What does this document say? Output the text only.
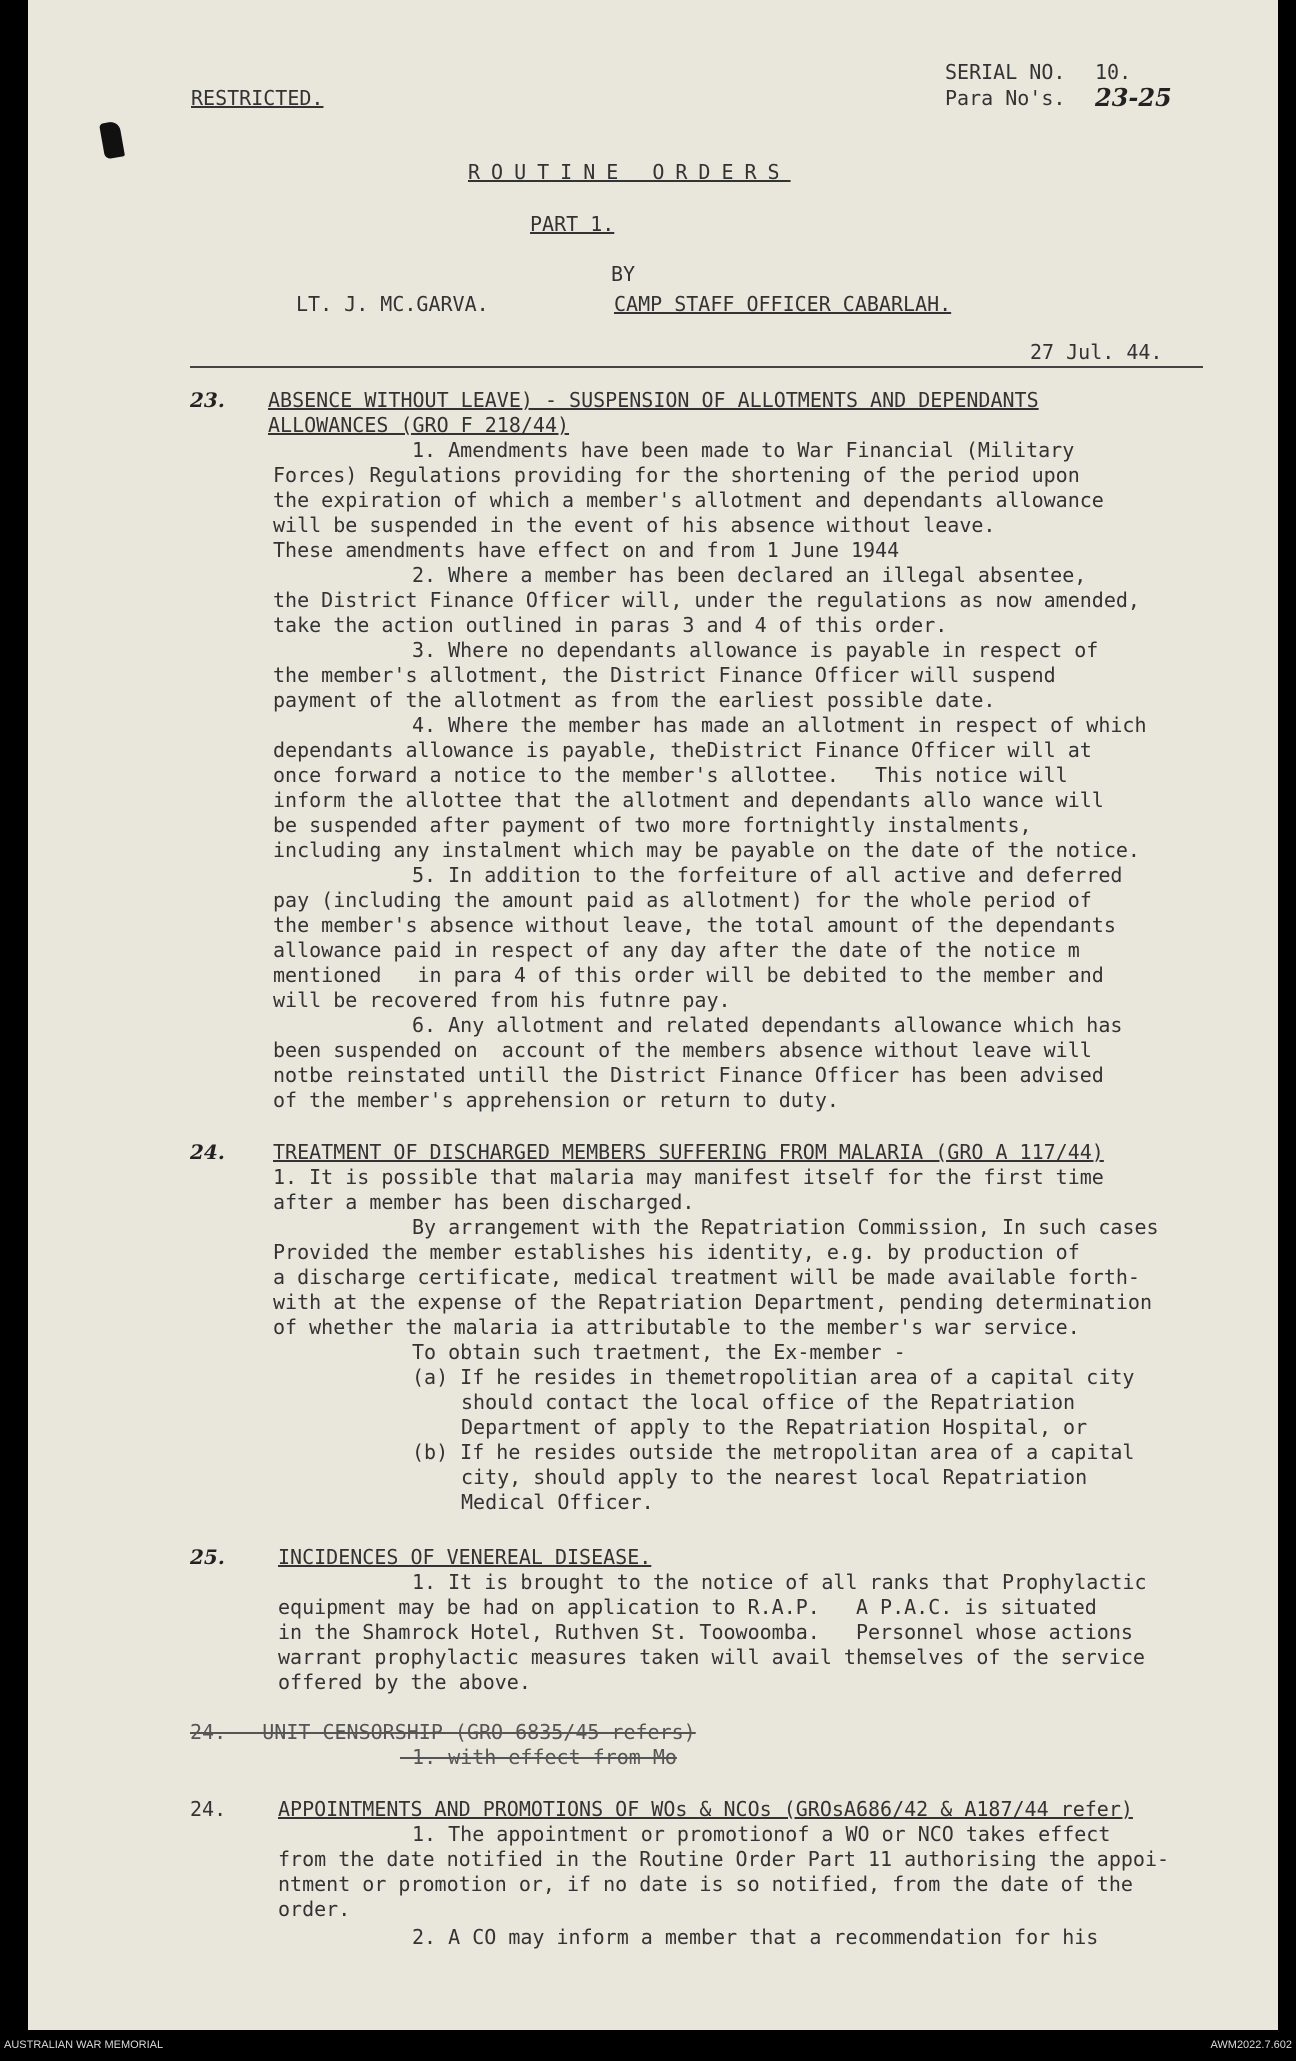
RESTRICTED.
SERIAL NO. 10.
Para No's. 23-25
ROUTINE ORDERS
PART 1.
BY
LT. J. MC.GARVA.	CAMP STAFF OFFICER CABARLAH.
27 Jul. 44.
23. ABSENCE WITHOUT LEAVE) - SUSPENSION OF ALLOTMENTS AND DEPENDANTS
ALLOWANCES (GRO F 218/44)
1. Amendments have been made to War Financial (Military
Forces) Regulations providing for the shortening of the period upon
the expiration of which a member's allotment and dependants allowance
will be suspended in the event of his absence without leave.
These amendments have effect on and from 1 June 1944
2. Where a member has been declared an illegal absentee,
the District Finance Officer will, under the regulations as now amended,
take the action outlined in paras 3 and 4 of this order.
3. Where no dependants allowance is payable in respect of
the member's allotment, the District Finance Officer will suspend
payment of the allotment as from the earliest possible date.
4. Where the member has made an allotment in respect of which
dependants allowance is payable, theDistrict Finance Officer will at
once forward a notice to the member's allottee.   This notice will
inform the allottee that the allotment and dependants allo wance will
be suspended after payment of two more fortnightly instalments,
including any instalment which may be payable on the date of the notice.
5. In addition to the forfeiture of all active and deferred
pay (including the amount paid as allotment) for the whole period of
the member's absence without leave, the total amount of the dependants
allowance paid in respect of any day after the date of the notice m
mentioned   in para 4 of this order will be debited to the member and
will be recovered from his futnre pay.
6. Any allotment and related dependants allowance which has
been suspended on  account of the members absence without leave will
notbe reinstated untill the District Finance Officer has been advised
of the member's apprehension or return to duty.
24. TREATMENT OF DISCHARGED MEMBERS SUFFERING FROM MALARIA (GRO A 117/44)
1. It is possible that malaria may manifest itself for the first time
after a member has been discharged.
By arrangement with the Repatriation Commission, In such cases
Provided the member establishes his identity, e.g. by production of
a discharge certificate, medical treatment will be made available forth-
with at the expense of the Repatriation Department, pending determination
of whether the malaria ia attributable to the member's war service.
To obtain such traetment, the Ex-member -
(a) If he resides in themetropolitian area of a capital city
should contact the local office of the Repatriation
Department of apply to the Repatriation Hospital, or
(b) If he resides outside the metropolitan area of a capital
city, should apply to the nearest local Repatriation
Medical Officer.
25.	INCIDENCES OF VENEREAL DISEASE.
1. It is brought to the notice of all ranks that Prophylactic
equipment may be had on application to R.A.P.   A P.A.C. is situated
in the Shamrock Hotel, Ruthven St. Toowoomba.   Personnel whose actions
warrant prophylactic measures taken will avail themselves of the service
offered by the above.
24.---UNIT CENSORSHIP (GRO 6835/45 refers)
-1.-with effect from Mo
24.	APPOINTMENTS AND PROMOTIONS OF WOs & NCOs (GROsA686/42 & A187/44 refer)
1. The appointment or promotionof a WO or NCO takes effect
from the date notified in the Routine Order Part 11 authorising the appoi-
ntment or promotion or, if no date is so notified, from the date of the
order.
2. A CO may inform a member that a recommendation for his
AUSTRALIAN WAR MEMORIAL	AWM2022.7.602
